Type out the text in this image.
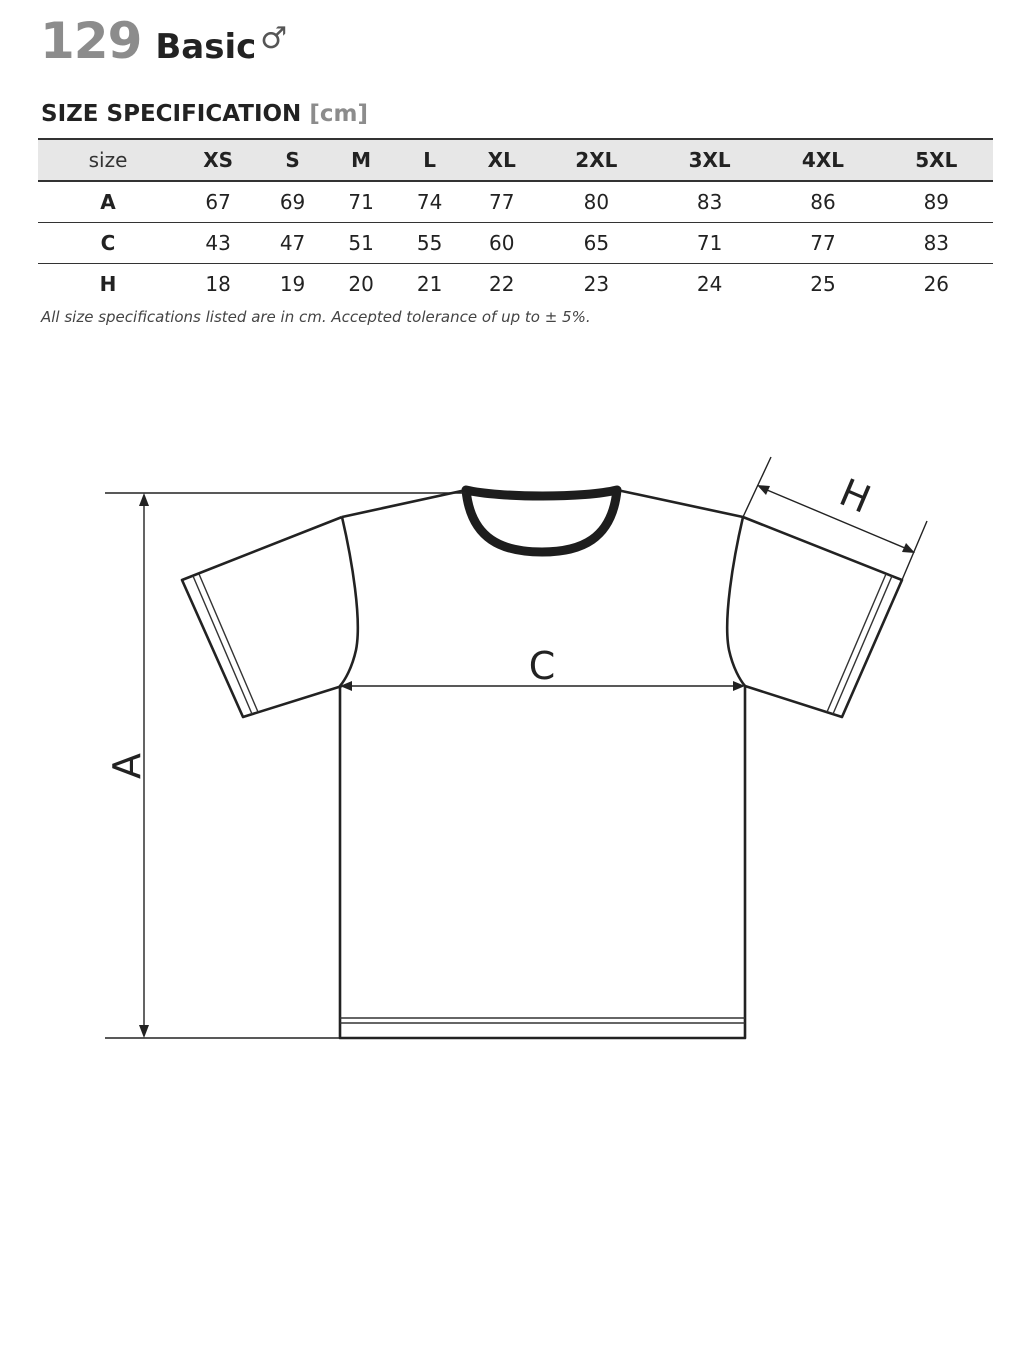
129 Basic ♂
SIZE SPECIFICATION [cm]
size	XS	S	M	L	XL	2XL	3XL	4XL	5XL
A	67	69	71	74	77	80	83	86	89
C	43	47	51	55	60	65	71	77	83
H	18	19	20	21	22	23	24	25	26
All size specifications listed are in cm. Accepted tolerance of up to ± 5%.
A
C
H
